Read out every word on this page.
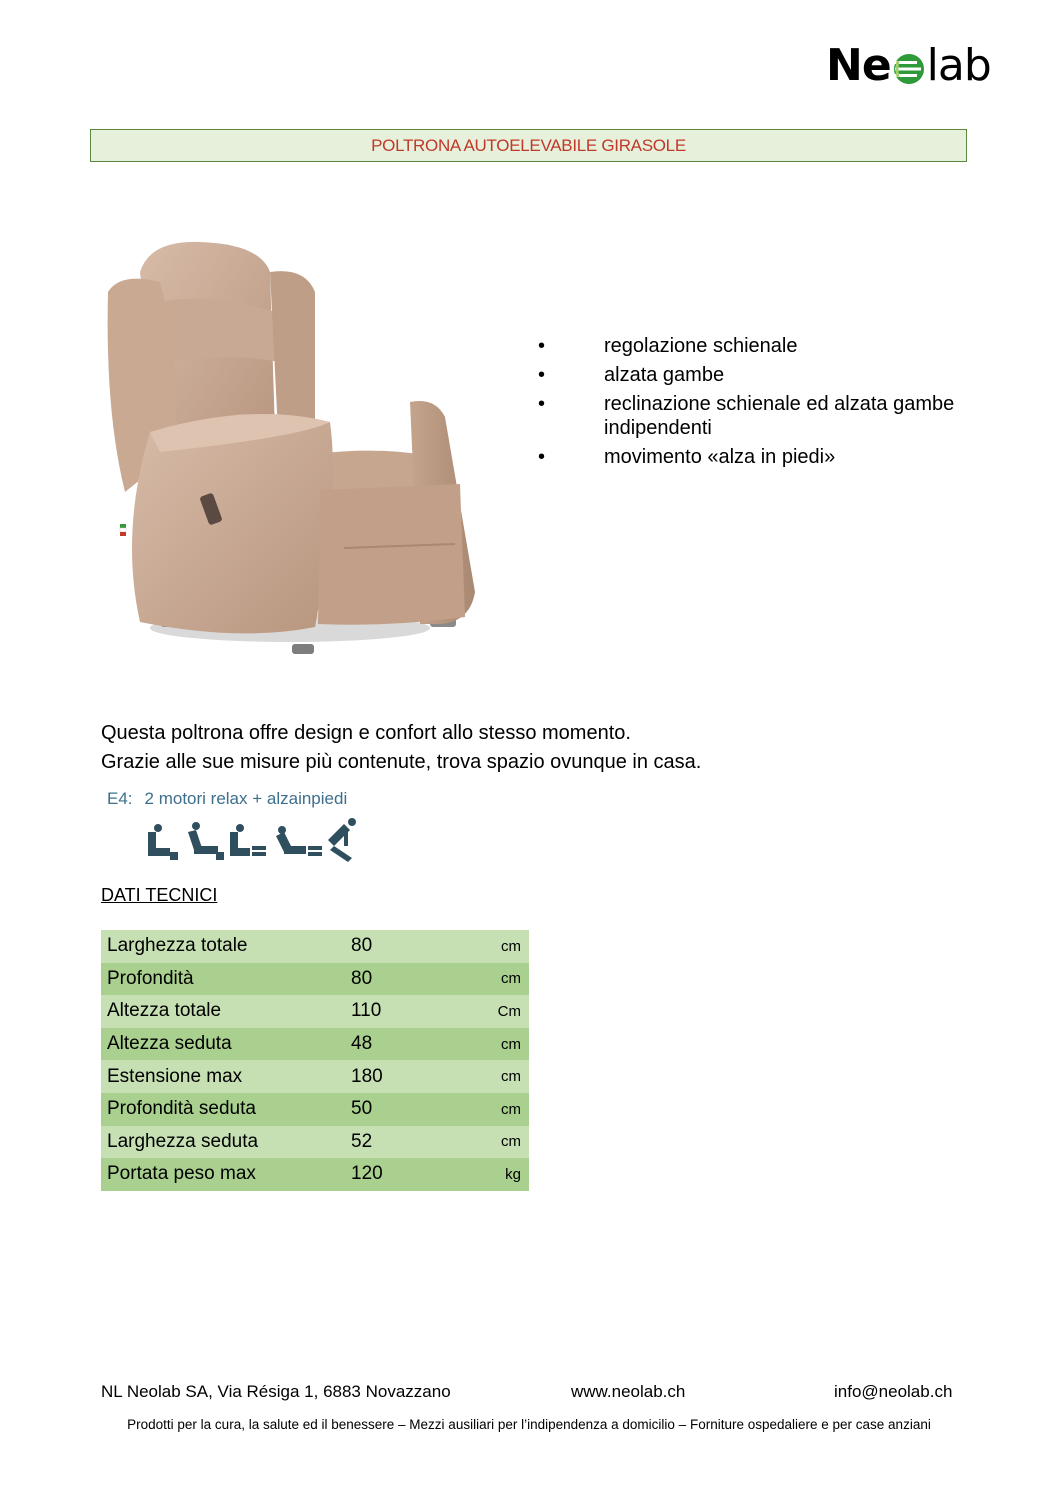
Ne lab
POLTRONA AUTOELEVABILE GIRASOLE
•	regolazione schienale
•	alzata gambe
•	reclinazione schienale ed alzata gambe indipendenti
•	movimento «alza in piedi»

Questa poltrona offre design e confort allo stesso momento.

Grazie alle sue misure più contenute, trova spazio ovunque in casa.

E4: 2 motori relax + alzainpiedi
DATI TECNICI
Larghezza totale	80	cm
Profondità	80	cm
Altezza totale	110	Cm
Altezza seduta	48	cm
Estensione max	180	cm
Profondità seduta	50	cm
Larghezza seduta	52	cm
Portata peso max	120	kg
NL Neolab SA, Via Résiga 1, 6883 Novazzano	www.neolab.ch	info@neolab.ch
Prodotti per la cura, la salute ed il benessere – Mezzi ausiliari per l’indipendenza a domicilio – Forniture ospedaliere e per case anziani
